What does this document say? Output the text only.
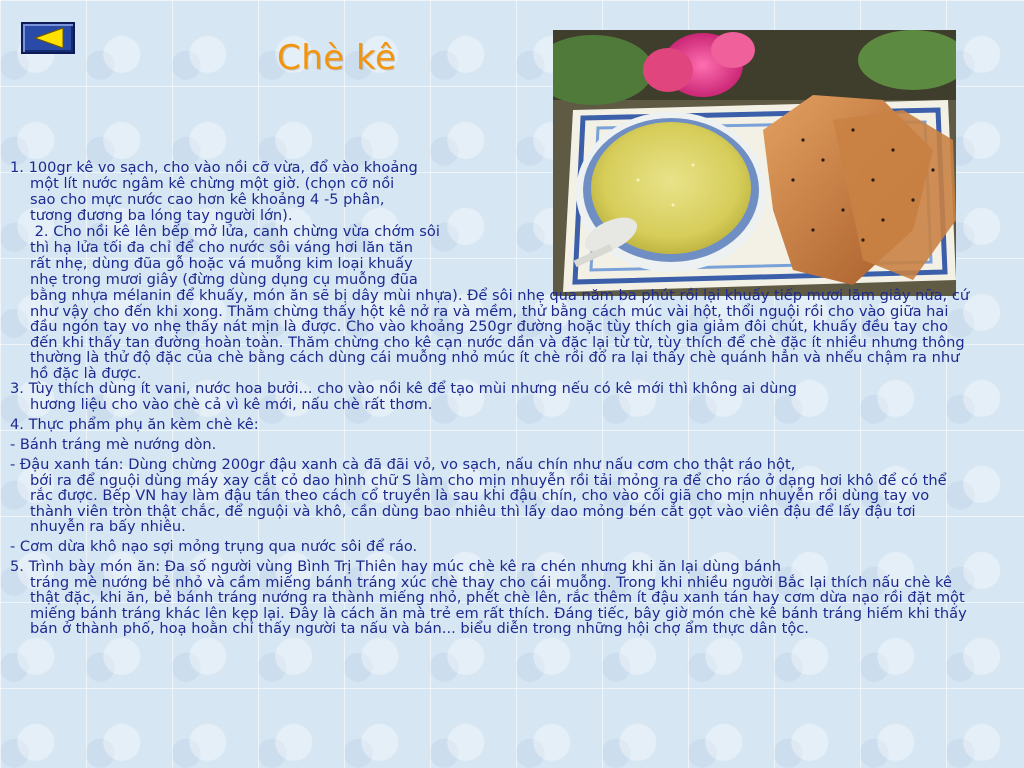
Chè kê

1. 100gr kê vo sạch, cho vào nồi cỡ vừa, đổ vào khoảng

một lít nước ngâm kê chừng một giờ. (chọn cỡ nồi

sao cho mực nước cao hơn kê khoảng 4 -5 phân,

tương đương ba lóng tay người lớn).

2. Cho nồi kê lên bếp mở lửa, canh chừng vừa chớm sôi

thì hạ lửa tối đa chỉ để cho nước sôi váng hơi lăn tăn

rất nhẹ, dùng đũa gỗ hoặc vá muỗng kim loại khuấy

nhẹ trong mươi giây (đừng dùng dụng cụ muỗng đũa

bằng nhựa mélanin để khuấy, món ăn sẽ bị dây mùi nhựa). Để sôi nhẹ qua năm ba phút rồi lại khuấy tiếp mươi lăm giây nữa, cứ như vậy cho đến khi xong. Thăm chừng thấy hột kê nở ra và mềm, thử bằng cách múc vài hột, thổi nguội rồi cho vào giữa hai đầu ngón tay vo nhẹ thấy nát mịn là được. Cho vào khoảng 250gr đường hoặc tùy thích gia giảm đôi chút, khuấy đều tay cho đến khi thấy tan đường hoàn toàn. Thăm chừng cho kê cạn nước dần và đặc lại từ từ, tùy thích để chè đặc ít nhiều nhưng thông thường là thử độ đặc của chè bằng cách dùng cái muỗng nhỏ múc ít chè rồi đổ ra lại thấy chè quánh hẳn và nhểu chậm ra như hồ đặc là được.
3. Tùy thích dùng ít vani, nước hoa bưởi... cho vào nồi kê để tạo mùi nhưng nếu có kê mới thì không ai dùng
hương liệu cho vào chè cả vì kê mới, nấu chè rất thơm.
4. Thực phẩm phụ ăn kèm chè kê:
- Bánh tráng mè nướng dòn.
- Đậu xanh tán: Dùng chừng 200gr đậu xanh cà đã đãi vỏ, vo sạch, nấu chín như nấu cơm cho thật ráo hột,
bới ra để nguội dùng máy xay cắt cỏ dao hình chữ S làm cho mịn nhuyễn rồi tải mỏng ra để cho ráo ở dạng hơi khô để có thể rắc được. Bếp VN hay làm đậu tán theo cách cổ truyền là sau khi đậu chín, cho vào cối giã cho mịn nhuyễn rồi dùng tay vo thành viên tròn thật chắc, để nguội và khô, cần dùng bao nhiêu thì lấy dao mỏng bén cắt gọt vào viên đậu để lấy đậu tơi nhuyễn ra bấy nhiêu.
- Cơm dừa khô nạo sợi mỏng trụng qua nước sôi để ráo.
5. Trình bày món ăn: Đa số người vùng Bình Trị Thiên hay múc chè kê ra chén nhưng khi ăn lại dùng bánh
tráng mè nướng bẻ nhỏ và cầm miếng bánh tráng xúc chè thay cho cái muỗng. Trong khi nhiều người Bắc lại thích nấu chè kê thật đặc, khi ăn, bẻ bánh tráng nướng ra thành miếng nhỏ, phết chè lên, rắc thêm ít đậu xanh tán hay cơm dừa nạo rồi đặt một miếng bánh tráng khác lên kẹp lại. Đây là cách ăn mà trẻ em rất thích. Đáng tiếc, bây giờ món chè kê bánh tráng hiếm khi thấy bán ở thành phố, hoạ hoằn chỉ thấy người ta nấu và bán... biểu diễn trong những hội chợ ẩm thực dân tộc.
